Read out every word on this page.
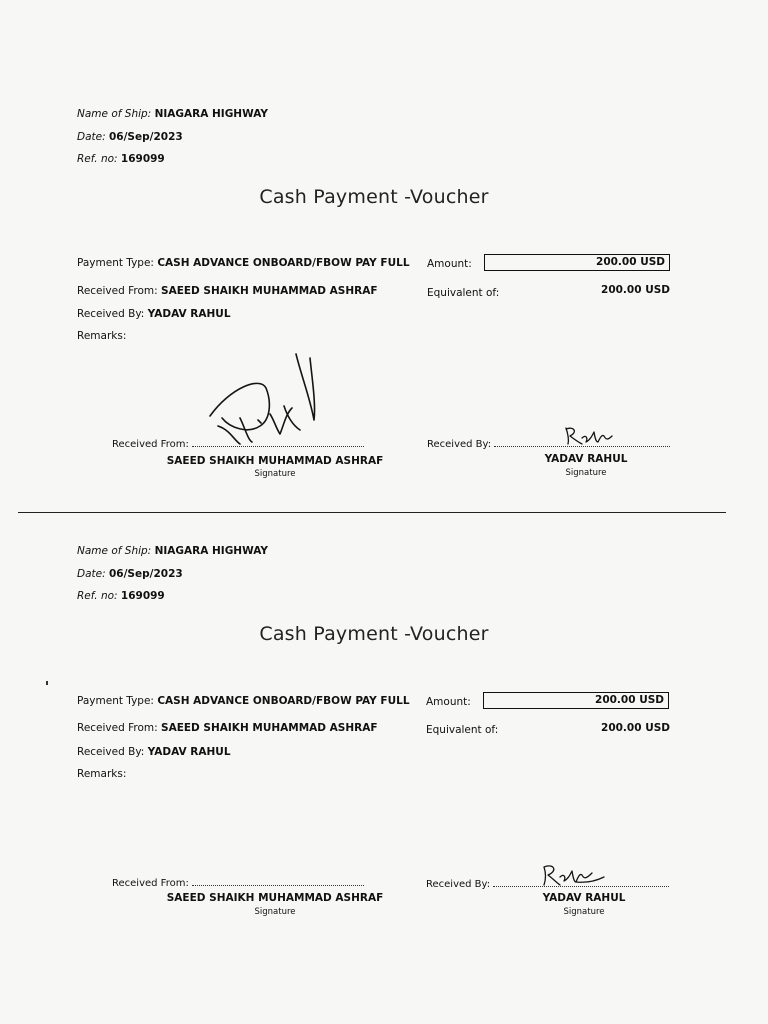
Name of Ship: NIAGARA HIGHWAY
Date: 06/Sep/2023
Ref. no: 169099
Cash Payment -Voucher
Payment Type: CASH ADVANCE ONBOARD/FBOW PAY FULL Amount:	200.00 USD
Received From: SAEED SHAIKH MUHAMMAD ASHRAF	Equivalent of:	200.00 USD
Received By: YADAV RAHUL
Remarks:
Received From:
SAEED SHAIKH MUHAMMAD ASHRAF
Signature
Received By:
YADAV RAHUL
Signature
Name of Ship: NIAGARA HIGHWAY
Date: 06/Sep/2023
Ref. no: 169099
Cash Payment -Voucher
Payment Type: CASH ADVANCE ONBOARD/FBOW PAY FULL Amount:	200.00 USD
Received From: SAEED SHAIKH MUHAMMAD ASHRAF	Equivalent of:	200.00 USD
Received By: YADAV RAHUL
Remarks:
Received From:
SAEED SHAIKH MUHAMMAD ASHRAF
Signature
Received By:
YADAV RAHUL
Signature
